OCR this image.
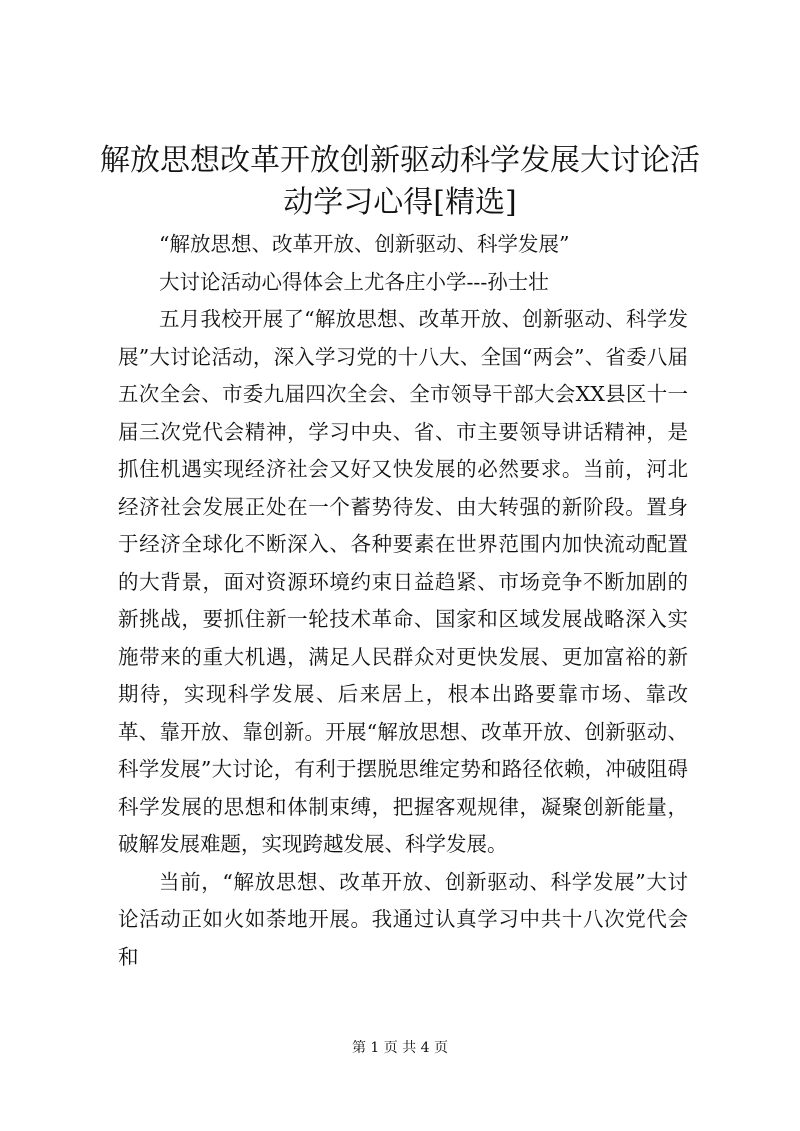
解放思想改革开放创新驱动科学发展大讨论活动学习心得[精选]

“解放思想、改革开放、创新驱动、科学发展”

大讨论活动心得体会上尤各庄小学---孙士壮

五月我校开展了“解放思想、改革开放、创新驱动、科学发展”大讨论活动，深入学习党的十八大、全国“两会”、省委八届五次全会、市委九届四次全会、全市领导干部大会XX县区十一届三次党代会精神，学习中央、省、市主要领导讲话精神，是抓住机遇实现经济社会又好又快发展的必然要求。当前，河北经济社会发展正处在一个蓄势待发、由大转强的新阶段。置身于经济全球化不断深入、各种要素在世界范围内加快流动配置的大背景，面对资源环境约束日益趋紧、市场竞争不断加剧的新挑战，要抓住新一轮技术革命、国家和区域发展战略深入实施带来的重大机遇，满足人民群众对更快发展、更加富裕的新期待，实现科学发展、后来居上，根本出路要靠市场、靠改革、靠开放、靠创新。开展“解放思想、改革开放、创新驱动、科学发展”大讨论，有利于摆脱思维定势和路径依赖，冲破阻碍科学发展的思想和体制束缚，把握客观规律，凝聚创新能量，破解发展难题，实现跨越发展、科学发展。

当前，“解放思想、改革开放、创新驱动、科学发展”大讨论活动正如火如荼地开展。我通过认真学习中共十八次党代会和

第 1 页 共 4 页
